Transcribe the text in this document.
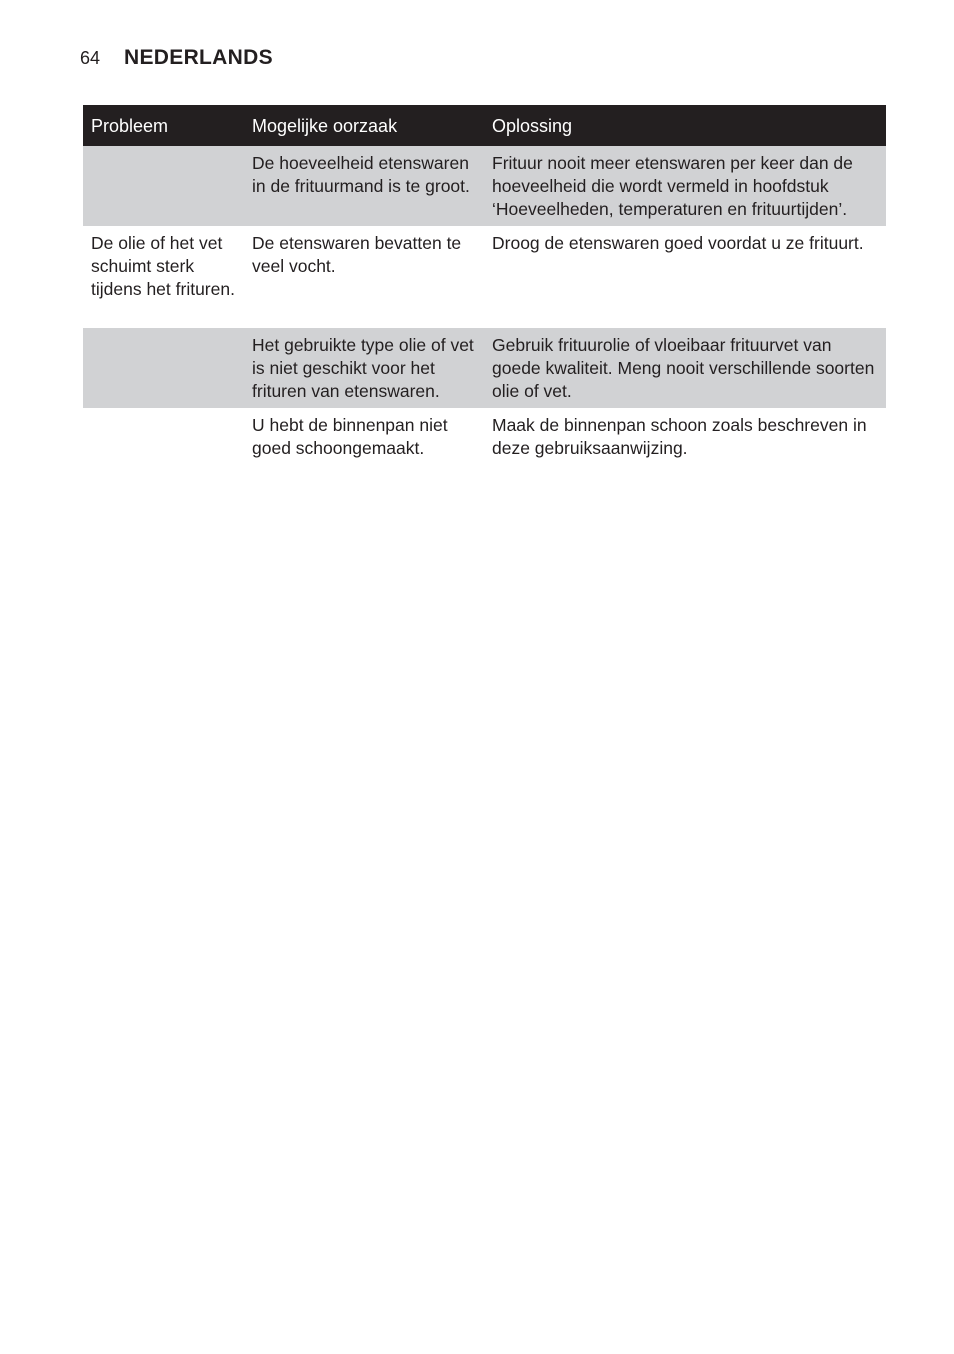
64 NEDERLANDS
Probleem	Mogelijke oorzaak	Oplossing
De hoeveelheid etenswaren in de frituurmand is te groot.
Frituur nooit meer etenswaren per keer dan de hoeveelheid die wordt vermeld in hoofdstuk ‘Hoeveelheden, temperaturen en frituurtijden’.
De olie of het vet schuimt sterk tijdens het frituren.
De etenswaren bevatten te veel vocht.
Droog de etenswaren goed voordat u ze frituurt.
Het gebruikte type olie of vet is niet geschikt voor het frituren van etenswaren.
Gebruik frituurolie of vloeibaar frituurvet van goede kwaliteit. Meng nooit verschillende soorten olie of vet.
U hebt de binnenpan niet goed schoongemaakt.
Maak de binnenpan schoon zoals beschreven in deze gebruiksaanwijzing.
